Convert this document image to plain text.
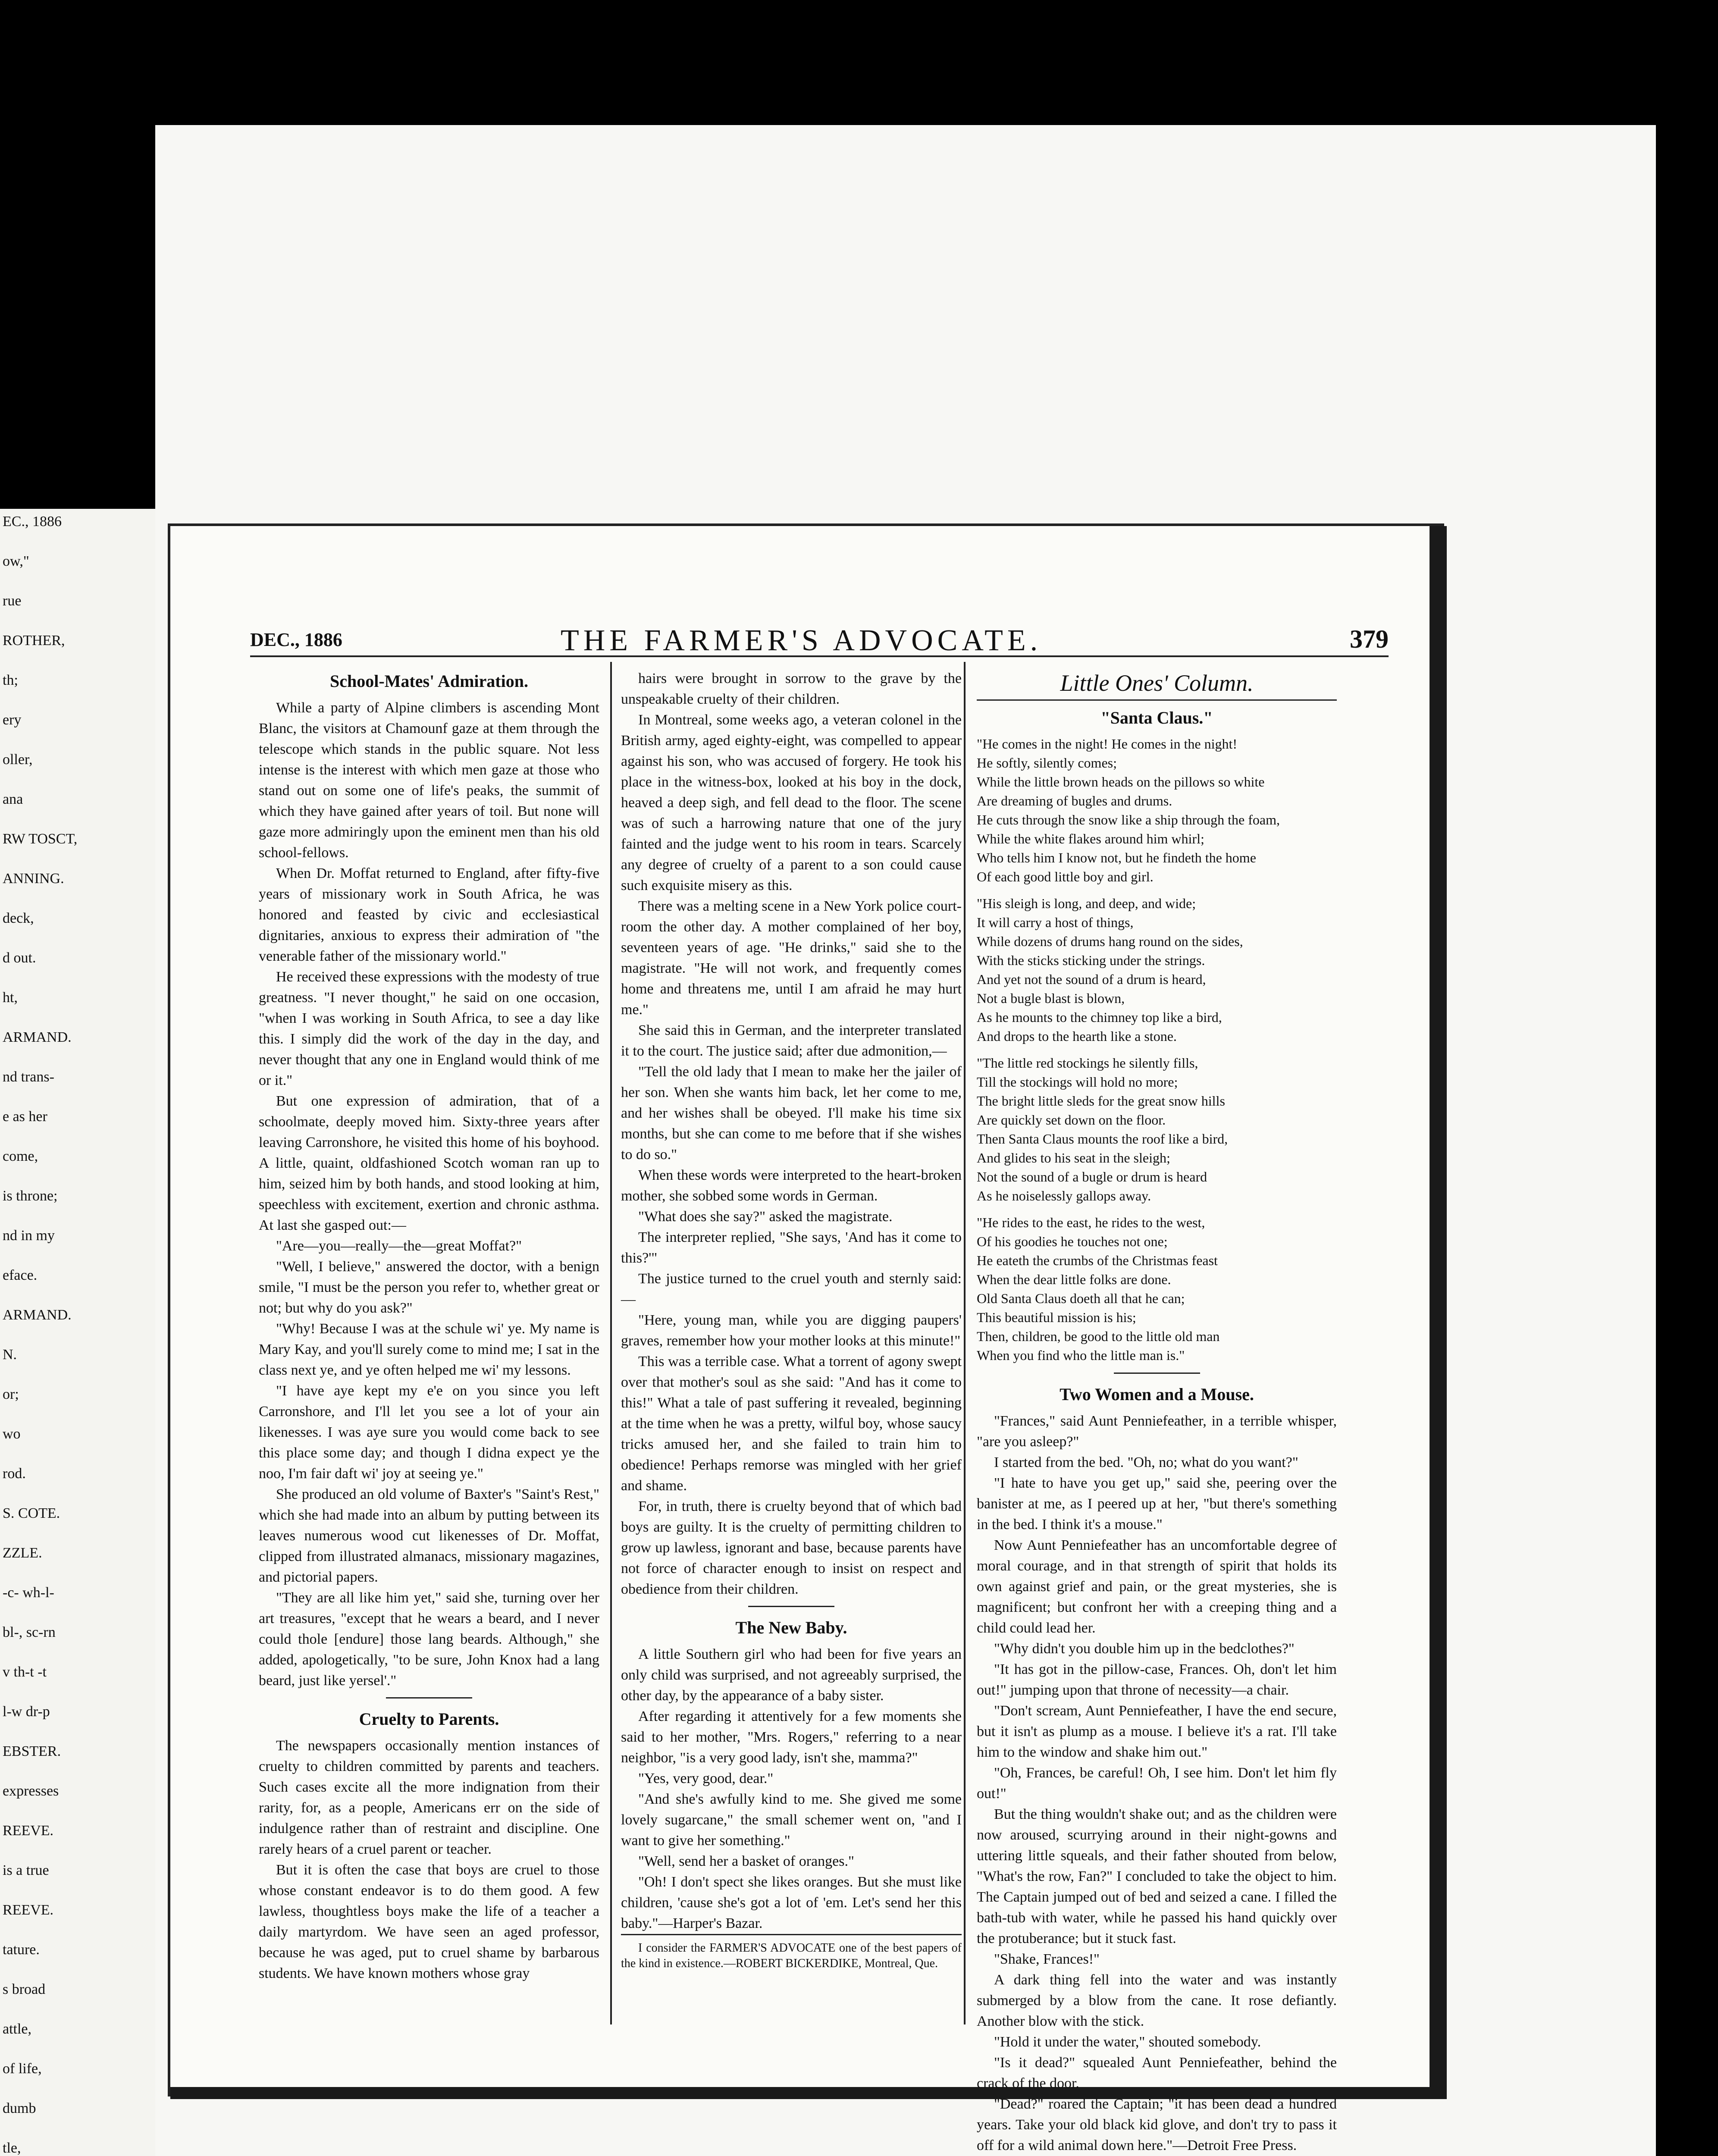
EC., 1886
ow,"
rue
ROTHER,
th;
ery
oller,
ana
RW TOSCT,
ANNING.
deck,
d out.
ht,
ARMAND.
nd trans-
e as her
come,
is throne;
nd in my
eface.
ARMAND.
N.
or;
wo
rod.
S. COTE.
ZZLE.
-c- wh-l-
bl-, sc-rn
v th-t -t
l-w dr-p
EBSTER.
expresses
REEVE.
is a true
REEVE.
tature.
s broad
attle,
of life,
dumb
tle,
DEC., 1886	THE FARMER'S ADVOCATE.	379
School-Mates' Admiration.

While a party of Alpine climbers is ascending Mont Blanc, the visitors at Chamounf gaze at them through the telescope which stands in the public square. Not less intense is the interest with which men gaze at those who stand out on some one of life's peaks, the summit of which they have gained after years of toil. But none will gaze more admiringly upon the eminent men than his old school-fellows.

When Dr. Moffat returned to England, after fifty-five years of missionary work in South Africa, he was honored and feasted by civic and ecclesiastical dignitaries, anxious to express their admiration of "the venerable father of the missionary world."

He received these expressions with the modesty of true greatness. "I never thought," he said on one occasion, "when I was working in South Africa, to see a day like this. I simply did the work of the day in the day, and never thought that any one in England would think of me or it."

But one expression of admiration, that of a schoolmate, deeply moved him. Sixty-three years after leaving Carronshore, he visited this home of his boyhood. A little, quaint, oldfashioned Scotch woman ran up to him, seized him by both hands, and stood looking at him, speechless with excitement, exertion and chronic asthma. At last she gasped out:—

"Are—you—really—the—great Moffat?"

"Well, I believe," answered the doctor, with a benign smile, "I must be the person you refer to, whether great or not; but why do you ask?"

"Why! Because I was at the schule wi' ye. My name is Mary Kay, and you'll surely come to mind me; I sat in the class next ye, and ye often helped me wi' my lessons.

"I have aye kept my e'e on you since you left Carronshore, and I'll let you see a lot of your ain likenesses. I was aye sure you would come back to see this place some day; and though I didna expect ye the noo, I'm fair daft wi' joy at seeing ye."

She produced an old volume of Baxter's "Saint's Rest," which she had made into an album by putting between its leaves numerous wood cut likenesses of Dr. Moffat, clipped from illustrated almanacs, missionary magazines, and pictorial papers.

"They are all like him yet," said she, turning over her art treasures, "except that he wears a beard, and I never could thole [endure] those lang beards. Although," she added, apologetically, "to be sure, John Knox had a lang beard, just like yersel'."

Cruelty to Parents.

The newspapers occasionally mention instances of cruelty to children committed by parents and teachers. Such cases excite all the more indignation from their rarity, for, as a people, Americans err on the side of indulgence rather than of restraint and discipline. One rarely hears of a cruel parent or teacher.

But it is often the case that boys are cruel to those whose constant endeavor is to do them good. A few lawless, thoughtless boys make the life of a teacher a daily martyrdom. We have seen an aged professor, because he was aged, put to cruel shame by barbarous students. We have known mothers whose gray

hairs were brought in sorrow to the grave by the unspeakable cruelty of their children.

In Montreal, some weeks ago, a veteran colonel in the British army, aged eighty-eight, was compelled to appear against his son, who was accused of forgery. He took his place in the witness-box, looked at his boy in the dock, heaved a deep sigh, and fell dead to the floor. The scene was of such a harrowing nature that one of the jury fainted and the judge went to his room in tears. Scarcely any degree of cruelty of a parent to a son could cause such exquisite misery as this.

There was a melting scene in a New York police court-room the other day. A mother complained of her boy, seventeen years of age. "He drinks," said she to the magistrate. "He will not work, and frequently comes home and threatens me, until I am afraid he may hurt me."

She said this in German, and the interpreter translated it to the court. The justice said; after due admonition,—

"Tell the old lady that I mean to make her the jailer of her son. When she wants him back, let her come to me, and her wishes shall be obeyed. I'll make his time six months, but she can come to me before that if she wishes to do so."

When these words were interpreted to the heart-broken mother, she sobbed some words in German.

"What does she say?" asked the magistrate.

The interpreter replied, "She says, 'And has it come to this?'"

The justice turned to the cruel youth and sternly said:—

"Here, young man, while you are digging paupers' graves, remember how your mother looks at this minute!"

This was a terrible case. What a torrent of agony swept over that mother's soul as she said: "And has it come to this!" What a tale of past suffering it revealed, beginning at the time when he was a pretty, wilful boy, whose saucy tricks amused her, and she failed to train him to obedience! Perhaps remorse was mingled with her grief and shame.

For, in truth, there is cruelty beyond that of which bad boys are guilty. It is the cruelty of permitting children to grow up lawless, ignorant and base, because parents have not force of character enough to insist on respect and obedience from their children.

The New Baby.

A little Southern girl who had been for five years an only child was surprised, and not agreeably surprised, the other day, by the appearance of a baby sister.

After regarding it attentively for a few moments she said to her mother, "Mrs. Rogers," referring to a near neighbor, "is a very good lady, isn't she, mamma?"

"Yes, very good, dear."

"And she's awfully kind to me. She gived me some lovely sugarcane," the small schemer went on, "and I want to give her something."

"Well, send her a basket of oranges."

"Oh! I don't spect she likes oranges. But she must like children, 'cause she's got a lot of 'em. Let's send her this baby."—Harper's Bazar.

I consider the FARMER'S ADVOCATE one of the best papers of the kind in existence.—ROBERT BICKERDIKE, Montreal, Que.

Little Ones' Column.
"Santa Claus."
"He comes in the night! He comes in the night!
He softly, silently comes;
While the little brown heads on the pillows so white
Are dreaming of bugles and drums.
He cuts through the snow like a ship through the foam,
While the white flakes around him whirl;
Who tells him I know not, but he findeth the home
Of each good little boy and girl.
"His sleigh is long, and deep, and wide;
It will carry a host of things,
While dozens of drums hang round on the sides,
With the sticks sticking under the strings.
And yet not the sound of a drum is heard,
Not a bugle blast is blown,
As he mounts to the chimney top like a bird,
And drops to the hearth like a stone.
"The little red stockings he silently fills,
Till the stockings will hold no more;
The bright little sleds for the great snow hills
Are quickly set down on the floor.
Then Santa Claus mounts the roof like a bird,
And glides to his seat in the sleigh;
Not the sound of a bugle or drum is heard
As he noiselessly gallops away.
"He rides to the east, he rides to the west,
Of his goodies he touches not one;
He eateth the crumbs of the Christmas feast
When the dear little folks are done.
Old Santa Claus doeth all that he can;
This beautiful mission is his;
Then, children, be good to the little old man
When you find who the little man is."
Two Women and a Mouse.

"Frances," said Aunt Penniefeather, in a terrible whisper, "are you asleep?"

I started from the bed. "Oh, no; what do you want?"

"I hate to have you get up," said she, peering over the banister at me, as I peered up at her, "but there's something in the bed. I think it's a mouse."

Now Aunt Penniefeather has an uncomfortable degree of moral courage, and in that strength of spirit that holds its own against grief and pain, or the great mysteries, she is magnificent; but confront her with a creeping thing and a child could lead her.

"Why didn't you double him up in the bedclothes?"

"It has got in the pillow-case, Frances. Oh, don't let him out!" jumping upon that throne of necessity—a chair.

"Don't scream, Aunt Penniefeather, I have the end secure, but it isn't as plump as a mouse. I believe it's a rat. I'll take him to the window and shake him out."

"Oh, Frances, be careful! Oh, I see him. Don't let him fly out!"

But the thing wouldn't shake out; and as the children were now aroused, scurrying around in their night-gowns and uttering little squeals, and their father shouted from below, "What's the row, Fan?" I concluded to take the object to him. The Captain jumped out of bed and seized a cane. I filled the bath-tub with water, while he passed his hand quickly over the protuberance; but it stuck fast.

"Shake, Frances!"

A dark thing fell into the water and was instantly submerged by a blow from the cane. It rose defiantly. Another blow with the stick.

"Hold it under the water," shouted somebody.

"Is it dead?" squealed Aunt Penniefeather, behind the crack of the door.

"Dead?" roared the Captain; "it has been dead a hundred years. Take your old black kid glove, and don't try to pass it off for a wild animal down here."—Detroit Free Press.
